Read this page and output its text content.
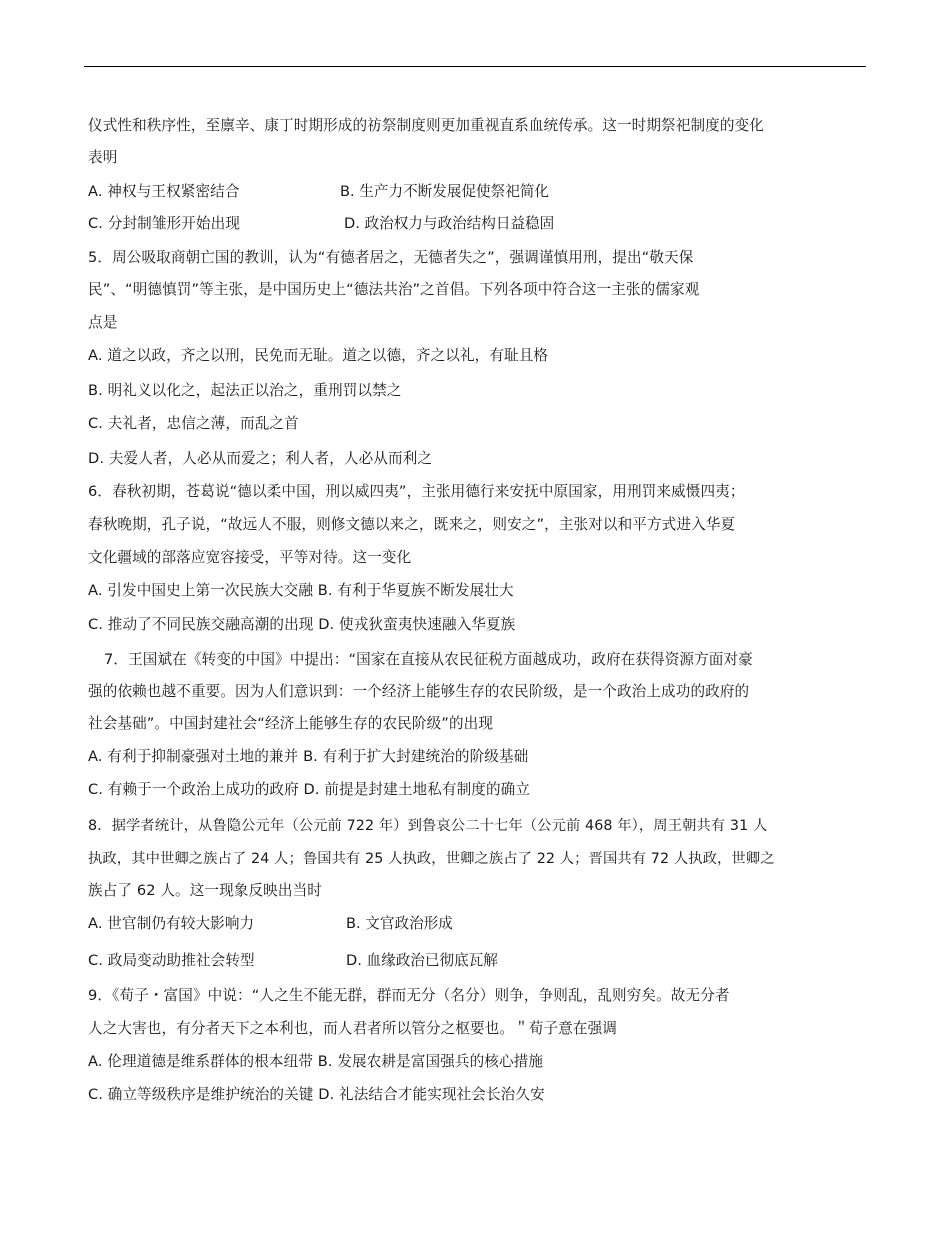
仪式性和秩序性，至廪辛、康丁时期形成的祊祭制度则更加重视直系血统传承。这一时期祭祀制度的变化
表明
A. 神权与王权紧密结合	B. 生产力不断发展促使祭祀简化
C. 分封制雏形开始出现	D. 政治权力与政治结构日益稳固
5．周公吸取商朝亡国的教训，认为“有德者居之，无德者失之”，强调谨慎用刑，提出“敬天保
民”、“明德慎罚”等主张，是中国历史上“德法共治”之首倡。下列各项中符合这一主张的儒家观
点是
A. 道之以政，齐之以刑，民免而无耻。道之以德，齐之以礼，有耻且格
B. 明礼义以化之，起法正以治之，重刑罚以禁之
C. 夫礼者，忠信之薄，而乱之首
D. 夫爱人者，人必从而爱之；利人者，人必从而利之
6．春秋初期，苍葛说“德以柔中国，刑以威四夷”，主张用德行来安抚中原国家，用刑罚来威慑四夷；
春秋晚期，孔子说，“故远人不服，则修文德以来之，既来之，则安之”，主张对以和平方式进入华夏
文化疆域的部落应宽容接受，平等对待。这一变化
A. 引发中国史上第一次民族大交融 B. 有利于华夏族不断发展壮大
C. 推动了不同民族交融高潮的出现 D. 使戎狄蛮夷快速融入华夏族
7．王国斌在《转变的中国》中提出：“国家在直接从农民征税方面越成功，政府在获得资源方面对豪
强的依赖也越不重要。因为人们意识到：一个经济上能够生存的农民阶级，是一个政治上成功的政府的
社会基础”。中国封建社会“经济上能够生存的农民阶级”的出现
A. 有利于抑制豪强对土地的兼并 B. 有利于扩大封建统治的阶级基础
C. 有赖于一个政治上成功的政府 D. 前提是封建土地私有制度的确立
8．据学者统计，从鲁隐公元年（公元前 722 年）到鲁哀公二十七年（公元前 468 年），周王朝共有 31 人
执政，其中世卿之族占了 24 人；鲁国共有 25 人执政，世卿之族占了 22 人；晋国共有 72 人执政，世卿之
族占了 62 人。这一现象反映出当时
A. 世官制仍有较大影响力	B. 文官政治形成
C. 政局变动助推社会转型	D. 血缘政治已彻底瓦解
9．《荀子・富国》中说：“人之生不能无群，群而无分（名分）则争，争则乱，乱则穷矣。故无分者
人之大害也，有分者天下之本利也，而人君者所以管分之枢要也。＂荀子意在强调
A. 伦理道德是维系群体的根本纽带 B. 发展农耕是富国强兵的核心措施
C. 确立等级秩序是维护统治的关键 D. 礼法结合才能实现社会长治久安
